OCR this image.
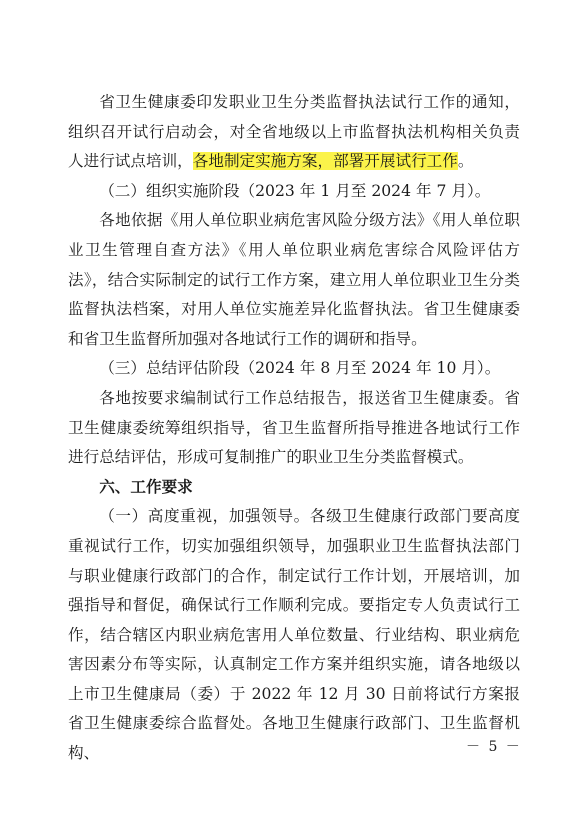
省卫生健康委印发职业卫生分类监督执法试行工作的通知，组织召开试行启动会，对全省地级以上市监督执法机构相关负责人进行试点培训，各地制定实施方案，部署开展试行工作。

（二）组织实施阶段（2023 年 1 月至 2024 年 7 月）。

各地依据《用人单位职业病危害风险分级方法》《用人单位职业卫生管理自查方法》《用人单位职业病危害综合风险评估方法》，结合实际制定的试行工作方案，建立用人单位职业卫生分类监督执法档案，对用人单位实施差异化监督执法。省卫生健康委和省卫生监督所加强对各地试行工作的调研和指导。

（三）总结评估阶段（2024 年 8 月至 2024 年 10 月）。

各地按要求编制试行工作总结报告，报送省卫生健康委。省卫生健康委统筹组织指导，省卫生监督所指导推进各地试行工作进行总结评估，形成可复制推广的职业卫生分类监督模式。

六、工作要求

（一）高度重视，加强领导。各级卫生健康行政部门要高度重视试行工作，切实加强组织领导，加强职业卫生监督执法部门与职业健康行政部门的合作，制定试行工作计划，开展培训，加强指导和督促，确保试行工作顺利完成。要指定专人负责试行工作，结合辖区内职业病危害用人单位数量、行业结构、职业病危害因素分布等实际，认真制定工作方案并组织实施，请各地级以上市卫生健康局（委）于 2022 年 12 月 30 日前将试行方案报省卫生健康委综合监督处。各地卫生健康行政部门、卫生监督机构、	－ 5 －
